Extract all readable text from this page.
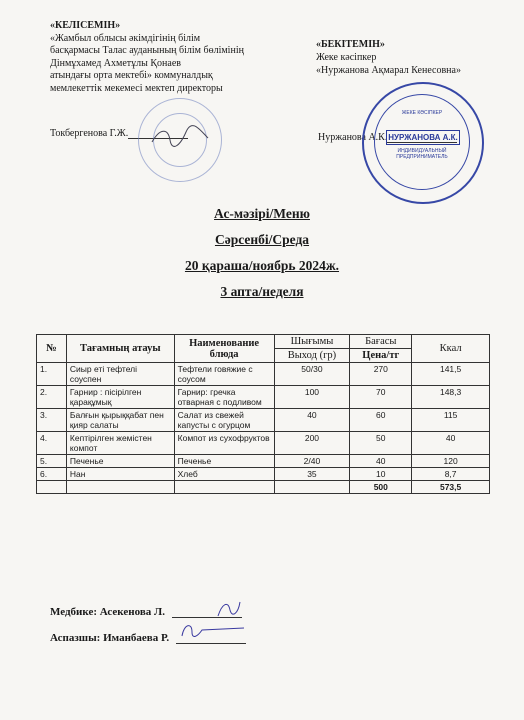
«КЕЛІСЕМІН»
«Жамбыл облысы әкімдігінің білім
басқармасы Талас ауданының білім бөлімінің
Дінмұхамед Ахметұлы Қонаев
атындағы орта мектебі» коммуналдық
мемлекеттік мекемесі мектеп директоры
Токбергенова Г.Ж.
«БЕКІТЕМІН»
Жеке кәсіпкер
«Нуржанова Ақмарал Кенесовна»
Нуржанова А.К.
ЖЕКЕ КӘСІПКЕР
НУРЖАНОВА А.К.
ИНДИВИДУАЛЬНЫЙ ПРЕДПРИНИМАТЕЛЬ
Ас-мәзірі/Меню
Сәрсенбі/Среда
20 қараша/ноябрь 2024ж.
3 апта/неделя
№	Тағамның атауы	Наименование блюда	Шығымы	Бағасы	Ккал
			Выход (гр)	Цена/тг	
1.	Сиыр еті тефтелі соуспен	Тефтели говяжие с соусом	50/30	270	141,5
2.	Гарнир : пісірілген қарақұмық	Гарнир: гречка отварная с подливом	100	70	148,3
3.	Балғын қырыққабат пен қияр салаты	Салат из свежей капусты с огурцом	40	60	115
4.	Кептірілген жемістен компот	Компот из сухофруктов	200	50	40
5.	Печенье	Печенье	2/40	40	120
6.	Нан	Хлеб	35	10	8,7
				500	573,5
Медбике: Асекенова Л.
Аспазшы: Иманбаева Р.
